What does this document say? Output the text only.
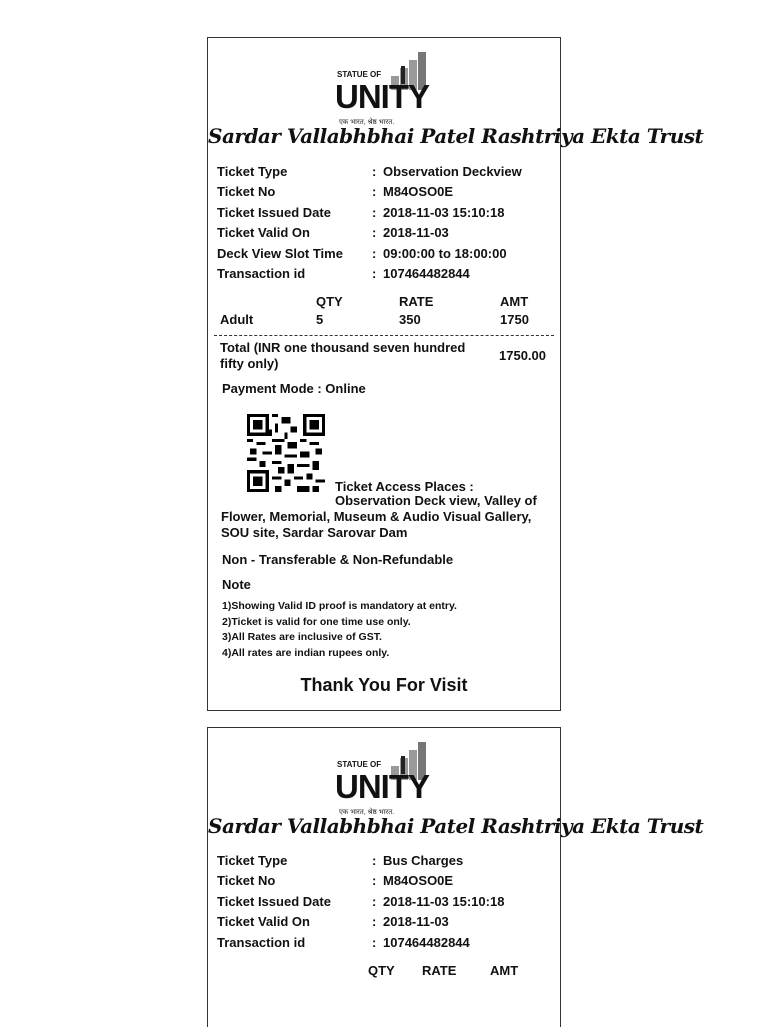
STATUE OF
UNITY
एक भारत, श्रेष्ठ भारत.
Sardar Vallabhbhai Patel Rashtriya Ekta Trust
Ticket Type	: Observation Deckview
Ticket No	: M84OSO0E
Ticket Issued Date	: 2018-11-03 15:10:18
Ticket Valid On	: 2018-11-03
Deck View Slot Time : 09:00:00 to 18:00:00
Transaction id	: 107464482844
QTY	RATE	AMT
Adult	5	350	1750
Total (INR one thousand seven hundred fifty only)
1750.00
Payment Mode : Online
Ticket Access Places :
Observation Deck view, Valley of Flower, Memorial, Museum & Audio Visual Gallery, SOU site, Sardar Sarovar Dam
Non - Transferable & Non-Refundable
Note
1)Showing Valid ID proof is mandatory at entry.
2)Ticket is valid for one time use only.
3)All Rates are inclusive of GST.
4)All rates are indian rupees only.
Thank You For Visit
STATUE OF
UNITY
एक भारत, श्रेष्ठ भारत.
Sardar Vallabhbhai Patel Rashtriya Ekta Trust
Ticket Type	: Bus Charges
Ticket No	: M84OSO0E
Ticket Issued Date	: 2018-11-03 15:10:18
Ticket Valid On	: 2018-11-03
Transaction id	: 107464482844
QTY RATE	AMT
